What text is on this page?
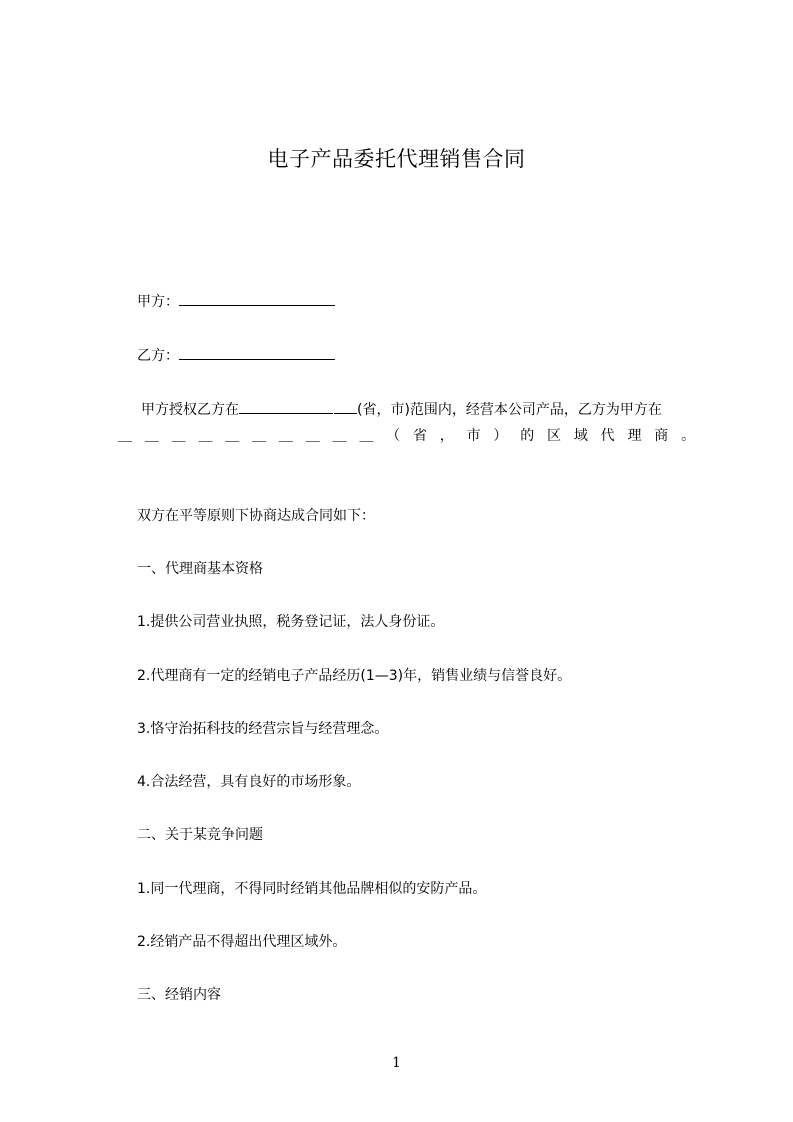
电子产品委托代理销售合同
甲方：
乙方：
甲方授权乙方在	(省，市)范围内，经营本公司产品，乙方为甲方在
＿ ＿ ＿ ＿ ＿ ＿ ＿ ＿ ＿ ＿ （ 省 ， 市 ） 的 区 域 代 理 商 。
双方在平等原则下协商达成合同如下：
一、代理商基本资格
1.提供公司营业执照，税务登记证，法人身份证。
2.代理商有一定的经销电子产品经历(1—3)年，销售业绩与信誉良好。
3.恪守治拓科技的经营宗旨与经营理念。
4.合法经营，具有良好的市场形象。
二、关于某竞争问题
1.同一代理商，不得同时经销其他品牌相似的安防产品。
2.经销产品不得超出代理区域外。
三、经销内容
1
